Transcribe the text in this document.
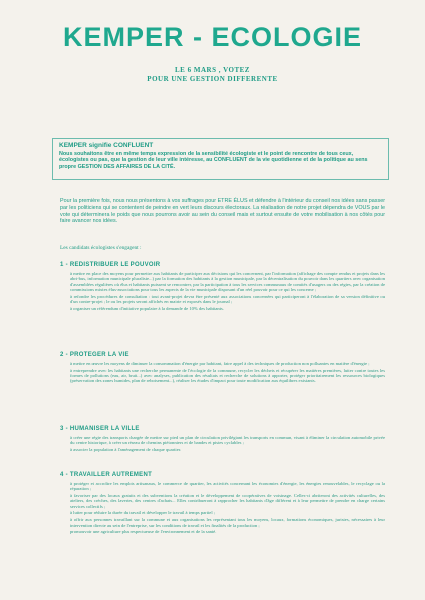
KEMPER - ECOLOGIE
LE 6 MARS , VOTEZ
POUR UNE GESTION DIFFERENTE
KEMPER signifie CONFLUENT
Nous souhaitons être en même temps expression de la sensibilité écologiste et le point de rencontre de tous ceux, écologistes ou pas, que la gestion de leur ville intéresse, au CONFLUENT de la vie quotidienne et de la politique au sens propre GESTION DES AFFAIRES DE LA CITÉ.
Pour la première fois, nous nous présentons à vos suffrages pour ETRE ÉLUS et défendre à l'intérieur du conseil nos idées sans passer par les politiciens qui se contentent de peindre en vert leurs discours électoraux. La réalisation de notre projet dépendra de VOUS par le vote qui déterminera le poids que nous pourrons avoir au sein du conseil mais et surtout ensuite de votre mobilisation à nos côtés pour faire avancer nos idées.
Les candidats écologistes s'engagent :
1 - REDISTRIBUER LE POUVOIR

à mettre en place des moyens pour permettre aux habitants de participer aux décisions qui les concernent, par l'information (affichage des compte rendus et projets dans les abri-bus, information municipale pluraliste...) par la formation des habitants à la gestion municipale, par la décentralisation du pouvoir dans les quartiers avec organisation d'assemblées régulières où élus et habitants puissent se rencontrer, par la participation à tous les services communaux de comités d'usagers ou des régies, par la création de commissions mixtes élus-associations pour tous les aspects de la vie municipale disposant d'un réel pouvoir pour ce qui les concerne ;

à refondre les procédures de consultation : tout avant-projet devra être présenté aux associations concernées qui participeront à l'élaboration de sa version définitive ou d'un contre-projet ; le ou les projets seront affichés en mairie et exposés dans le journal ;

à organiser un référendum d'initiative populaire à la demande de 10% des habitants.

2 - PROTEGER LA VIE

à mettre en œuvre les moyens de diminuer la consommation d'énergie par habitant, faire appel à des techniques de production non polluantes en matière d'énergie ;

à entreprendre avec les habitants une recherche permanente de l'écologie de la commune, recycler les déchets et récupérer les matières premières, lutter contre toutes les formes de pollutions (eau, air, bruit...) avec analyses, publication des résultats et recherche de solutions à apporter, protéger prioritairement les ressources biologiques (préservation des zones humides, plan de reboisement...), réaliser les études d'impact pour toute modification aux équilibres existants.

3 - HUMANISER LA VILLE

à créer une régie des transports chargée de mettre sur pied un plan de circulation privilégiant les transports en commun, visant à éliminer la circulation automobile privée du centre historique, à créer un réseau de chemins piétonniers et de bandes et pistes cyclables ;

à associer la population à l'aménagement de chaque quartier.

4 - TRAVAILLER AUTREMENT

à protéger et accroître les emplois artisanaux, le commerce de quartier, les activités concernant les économies d'énergie, les énergies renouvelables, le recyclage ou la réparation ;

à favoriser par des locaux gratuits et des subventions la création et le développement de coopératives de voisinage. Celles-ci abriteront des activités culturelles, des ateliers, des crèches, des laveries, des centres d'achats... Elles contribueront à rapprocher les habitants d'âge différent et à leur permettre de prendre en charge certains services collectifs ;

à lutter pour réduire la durée du travail et développer le travail à temps partiel ;

à offrir aux personnes travaillant sur la commune et aux organisations les représentant tous les moyens, locaux, formations économiques, juristes, nécessaires à leur intervention directe au sein de l'entreprise, sur les conditions de travail et les finalités de la production ;

promouvoir une agriculture plus respectueuse de l'environnement et de la santé.
